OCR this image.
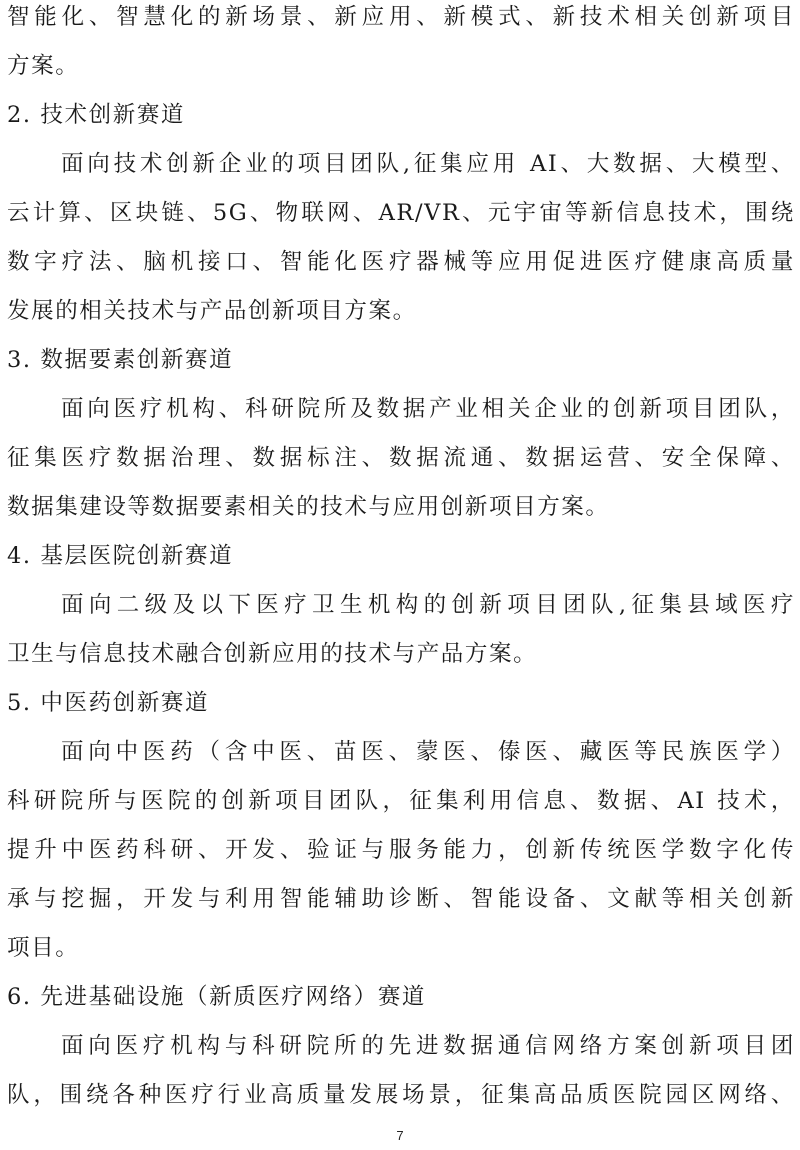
智能化、智慧化的新场景、新应用、新模式、新技术相关创新项目
方案。
2. 技术创新赛道
面向技术创新企业的项目团队,征集应用 AI、大数据、大模型、
云计算、区块链、5G、物联网、AR/VR、元宇宙等新信息技术，围绕
数字疗法、脑机接口、智能化医疗器械等应用促进医疗健康高质量
发展的相关技术与产品创新项目方案。
3. 数据要素创新赛道
面向医疗机构、科研院所及数据产业相关企业的创新项目团队，
征集医疗数据治理、数据标注、数据流通、数据运营、安全保障、
数据集建设等数据要素相关的技术与应用创新项目方案。
4. 基层医院创新赛道
面向二级及以下医疗卫生机构的创新项目团队,征集县域医疗
卫生与信息技术融合创新应用的技术与产品方案。
5. 中医药创新赛道
面向中医药（含中医、苗医、蒙医、傣医、藏医等民族医学）
科研院所与医院的创新项目团队，征集利用信息、数据、AI 技术，
提升中医药科研、开发、验证与服务能力，创新传统医学数字化传
承与挖掘，开发与利用智能辅助诊断、智能设备、文献等相关创新
项目。
6. 先进基础设施（新质医疗网络）赛道
面向医疗机构与科研院所的先进数据通信网络方案创新项目团
队，围绕各种医疗行业高质量发展场景，征集高品质医院园区网络、
7
